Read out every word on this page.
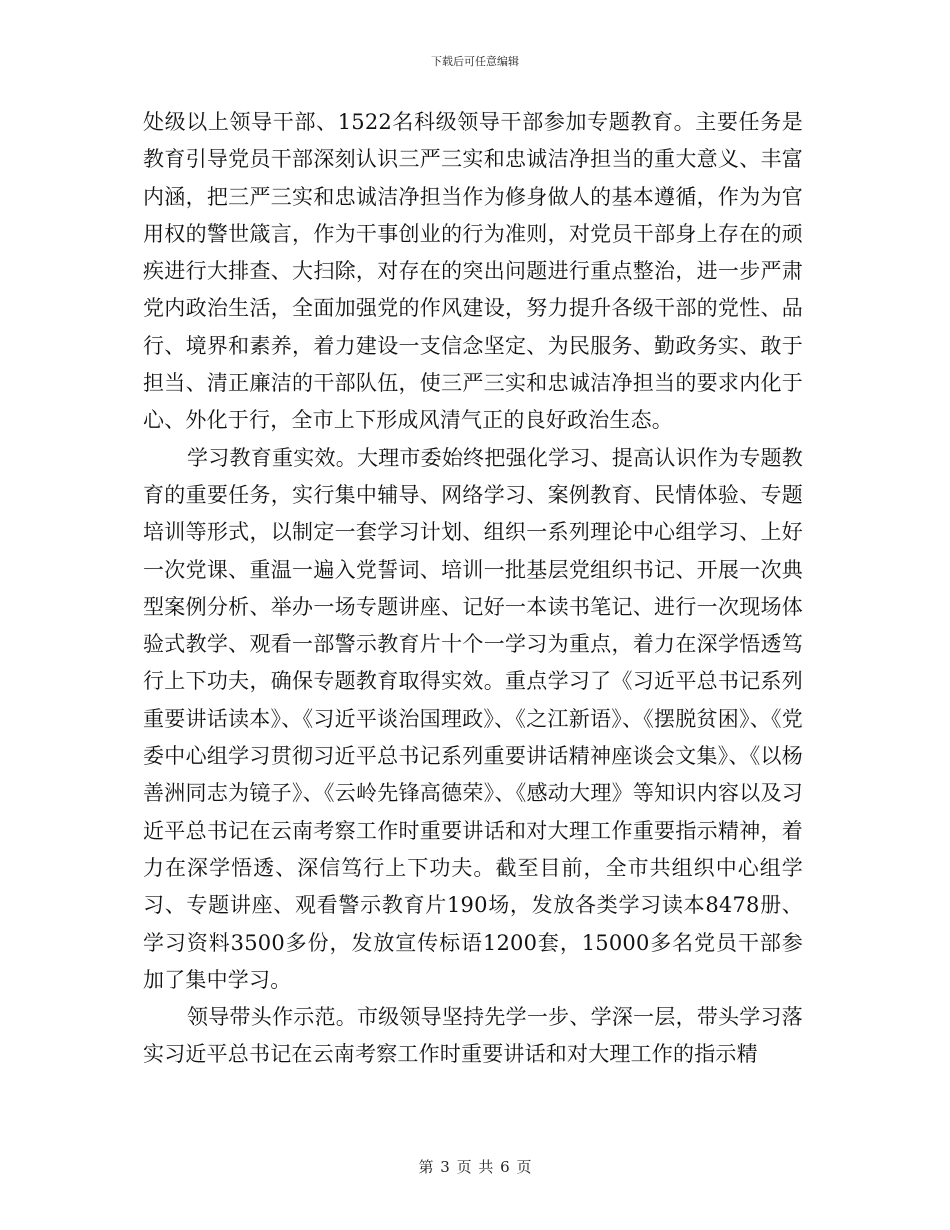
下载后可任意编辑

处级以上领导干部、1522名科级领导干部参加专题教育。主要任务是教育引导党员干部深刻认识三严三实和忠诚洁净担当的重大意义、丰富内涵，把三严三实和忠诚洁净担当作为修身做人的基本遵循，作为为官用权的警世箴言，作为干事创业的行为准则，对党员干部身上存在的顽疾进行大排查、大扫除，对存在的突出问题进行重点整治，进一步严肃党内政治生活，全面加强党的作风建设，努力提升各级干部的党性、品行、境界和素养，着力建设一支信念坚定、为民服务、勤政务实、敢于担当、清正廉洁的干部队伍，使三严三实和忠诚洁净担当的要求内化于心、外化于行，全市上下形成风清气正的良好政治生态。

学习教育重实效。大理市委始终把强化学习、提高认识作为专题教育的重要任务，实行集中辅导、网络学习、案例教育、民情体验、专题培训等形式，以制定一套学习计划、组织一系列理论中心组学习、上好一次党课、重温一遍入党誓词、培训一批基层党组织书记、开展一次典型案例分析、举办一场专题讲座、记好一本读书笔记、进行一次现场体验式教学、观看一部警示教育片十个一学习为重点，着力在深学悟透笃行上下功夫，确保专题教育取得实效。重点学习了《习近平总书记系列重要讲话读本》、《习近平谈治国理政》、《之江新语》、《摆脱贫困》、《党委中心组学习贯彻习近平总书记系列重要讲话精神座谈会文集》、《以杨善洲同志为镜子》、《云岭先锋高德荣》、《感动大理》等知识内容以及习近平总书记在云南考察工作时重要讲话和对大理工作重要指示精神，着力在深学悟透、深信笃行上下功夫。截至目前，全市共组织中心组学习、专题讲座、观看警示教育片190场，发放各类学习读本8478册、学习资料3500多份，发放宣传标语1200套，15000多名党员干部参加了集中学习。

领导带头作示范。市级领导坚持先学一步、学深一层，带头学习落实习近平总书记在云南考察工作时重要讲话和对大理工作的指示精

第 3 页 共 6 页
